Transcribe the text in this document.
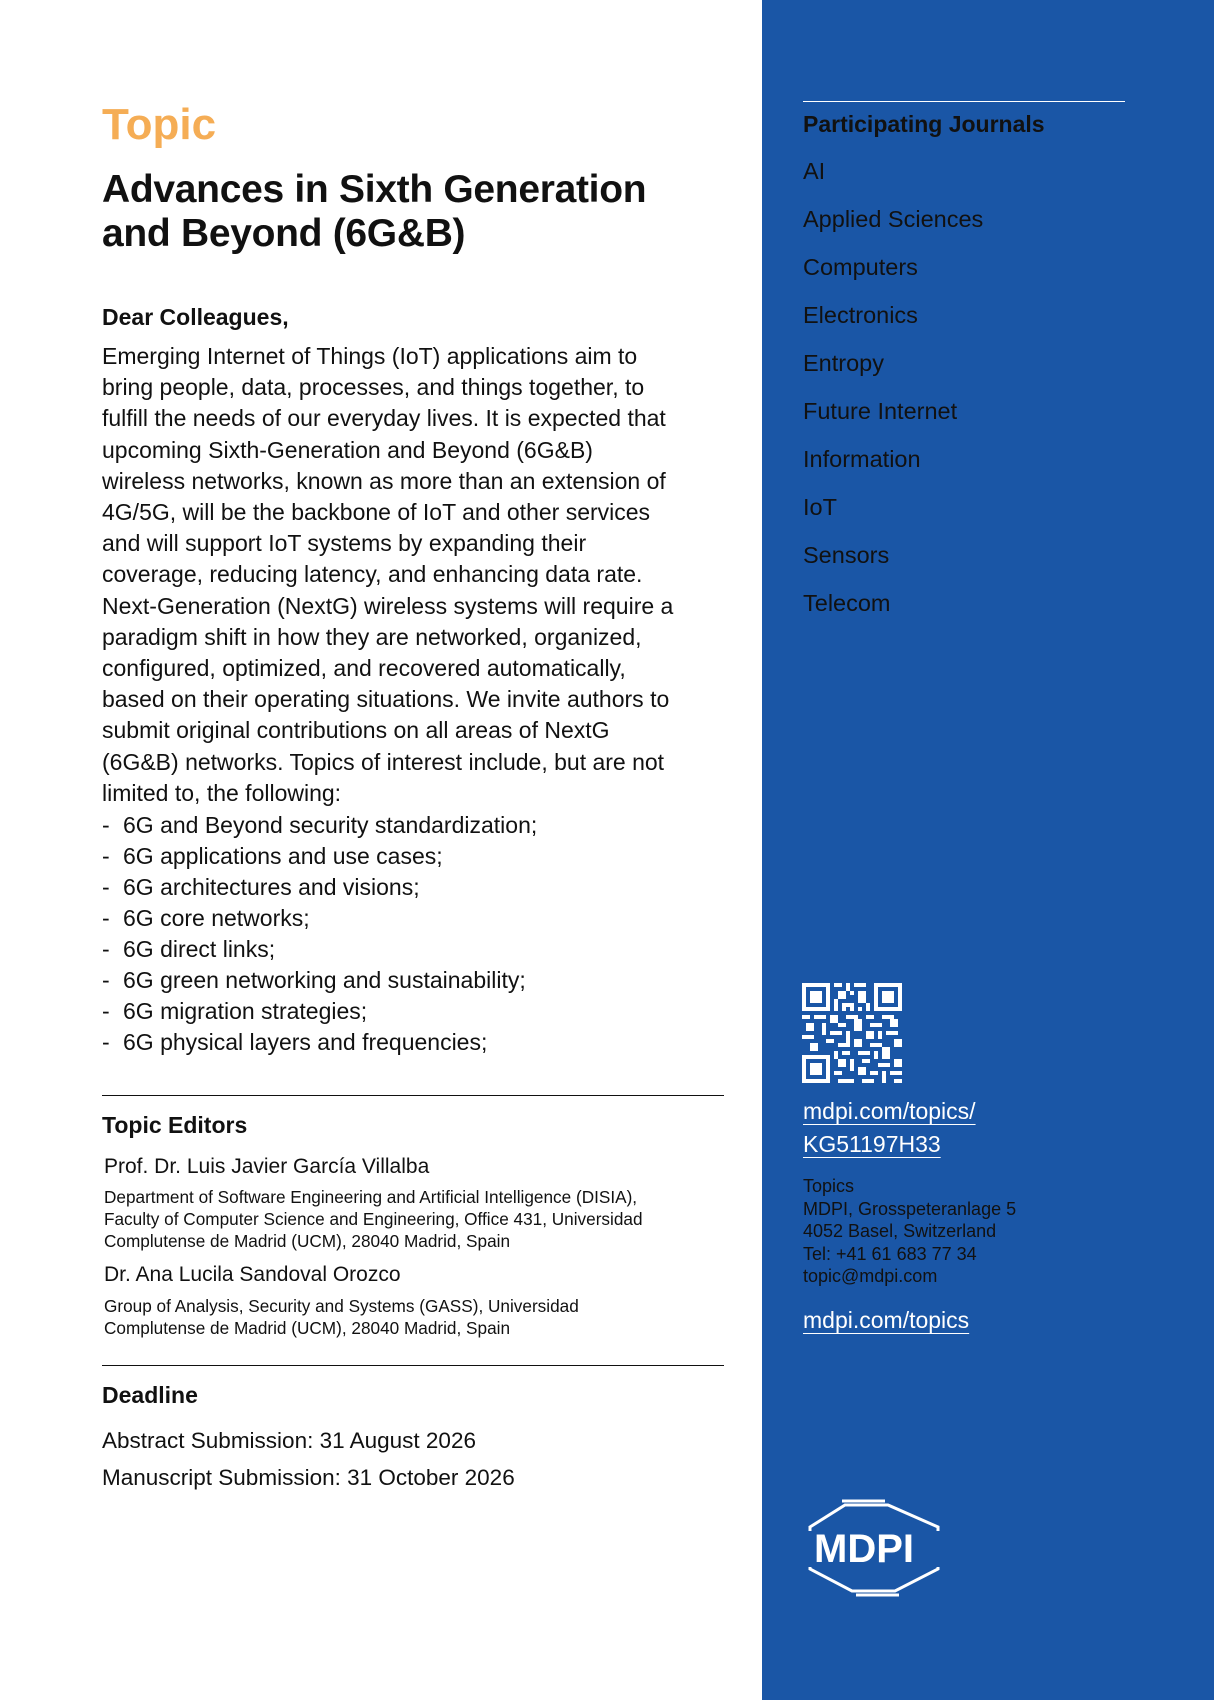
Topic
Advances in Sixth Generation
and Beyond (6G&B)

Dear Colleagues,

Emerging Internet of Things (IoT) applications aim to
bring people, data, processes, and things together, to
fulfill the needs of our everyday lives. It is expected that
upcoming Sixth-Generation and Beyond (6G&B)
wireless networks, known as more than an extension of
4G/5G, will be the backbone of IoT and other services
and will support IoT systems by expanding their
coverage, reducing latency, and enhancing data rate.
Next-Generation (NextG) wireless systems will require a
paradigm shift in how they are networked, organized,
configured, optimized, and recovered automatically,
based on their operating situations. We invite authors to
submit original contributions on all areas of NextG
(6G&B) networks. Topics of interest include, but are not
limited to, the following:

- 6G and Beyond security standardization;
- 6G applications and use cases;
- 6G architectures and visions;
- 6G core networks;
- 6G direct links;
- 6G green networking and sustainability;
- 6G migration strategies;
- 6G physical layers and frequencies;

Topic Editors

Prof. Dr. Luis Javier García Villalba

Department of Software Engineering and Artificial Intelligence (DISIA),
Faculty of Computer Science and Engineering, Office 431, Universidad
Complutense de Madrid (UCM), 28040 Madrid, Spain

Dr. Ana Lucila Sandoval Orozco

Group of Analysis, Security and Systems (GASS), Universidad
Complutense de Madrid (UCM), 28040 Madrid, Spain

Deadline

Abstract Submission: 31 August 2026

Manuscript Submission: 31 October 2026

Participating Journals

AI
Applied Sciences
Computers
Electronics
Entropy
Future Internet
Information
IoT
Sensors
Telecom

mdpi.com/topics/
KG51197H33

Topics
MDPI, Grosspeteranlage 5
4052 Basel, Switzerland
Tel: +41 61 683 77 34
topic@mdpi.com

mdpi.com/topics

MDPI
